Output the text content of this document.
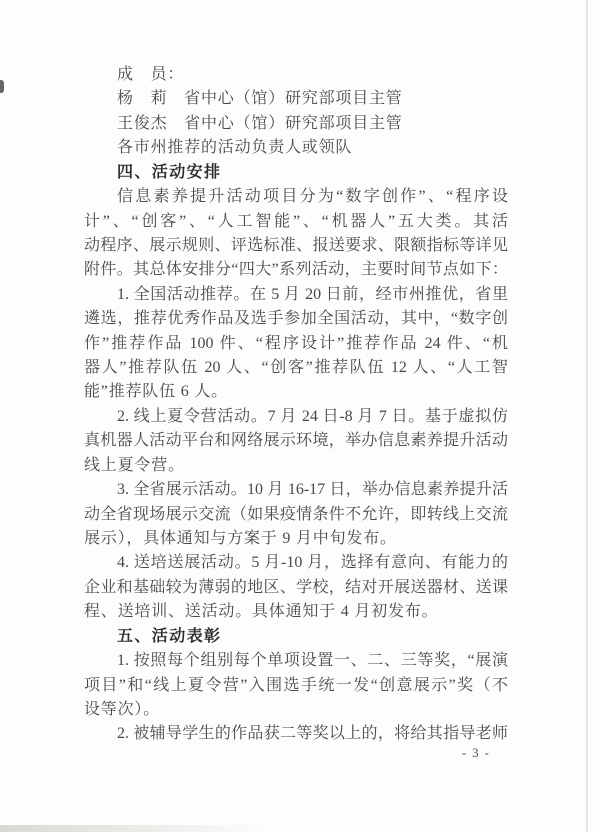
成　员：
杨　莉　省中心（馆）研究部项目主管
王俊杰　省中心（馆）研究部项目主管
各市州推荐的活动负责人或领队
四、活动安排
信息素养提升活动项目分为“数字创作”、“程序设
计”、“创客”、“人工智能”、“机器人”五大类。其活
动程序、展示规则、评选标准、报送要求、限额指标等详见
附件。其总体安排分“四大”系列活动，主要时间节点如下：
1. 全国活动推荐。在 5 月 20 日前，经市州推优，省里
遴选，推荐优秀作品及选手参加全国活动，其中，“数字创
作”推荐作品 100 件、“程序设计”推荐作品 24 件、“机
器人”推荐队伍 20 人、“创客”推荐队伍 12 人、“人工智
能”推荐队伍 6 人。
2. 线上夏令营活动。7 月 24 日-8 月 7 日。基于虚拟仿
真机器人活动平台和网络展示环境，举办信息素养提升活动
线上夏令营。
3. 全省展示活动。10 月 16-17 日，举办信息素养提升活
动全省现场展示交流（如果疫情条件不允许，即转线上交流
展示），具体通知与方案于 9 月中旬发布。
4. 送培送展活动。5 月-10 月，选择有意向、有能力的
企业和基础较为薄弱的地区、学校，结对开展送器材、送课
程、送培训、送活动。具体通知于 4 月初发布。
五、活动表彰
1. 按照每个组别每个单项设置一、二、三等奖，“展演
项目”和“线上夏令营”入围选手统一发“创意展示”奖（不
设等次）。
2. 被辅导学生的作品获二等奖以上的，将给其指导老师
- 3 -
